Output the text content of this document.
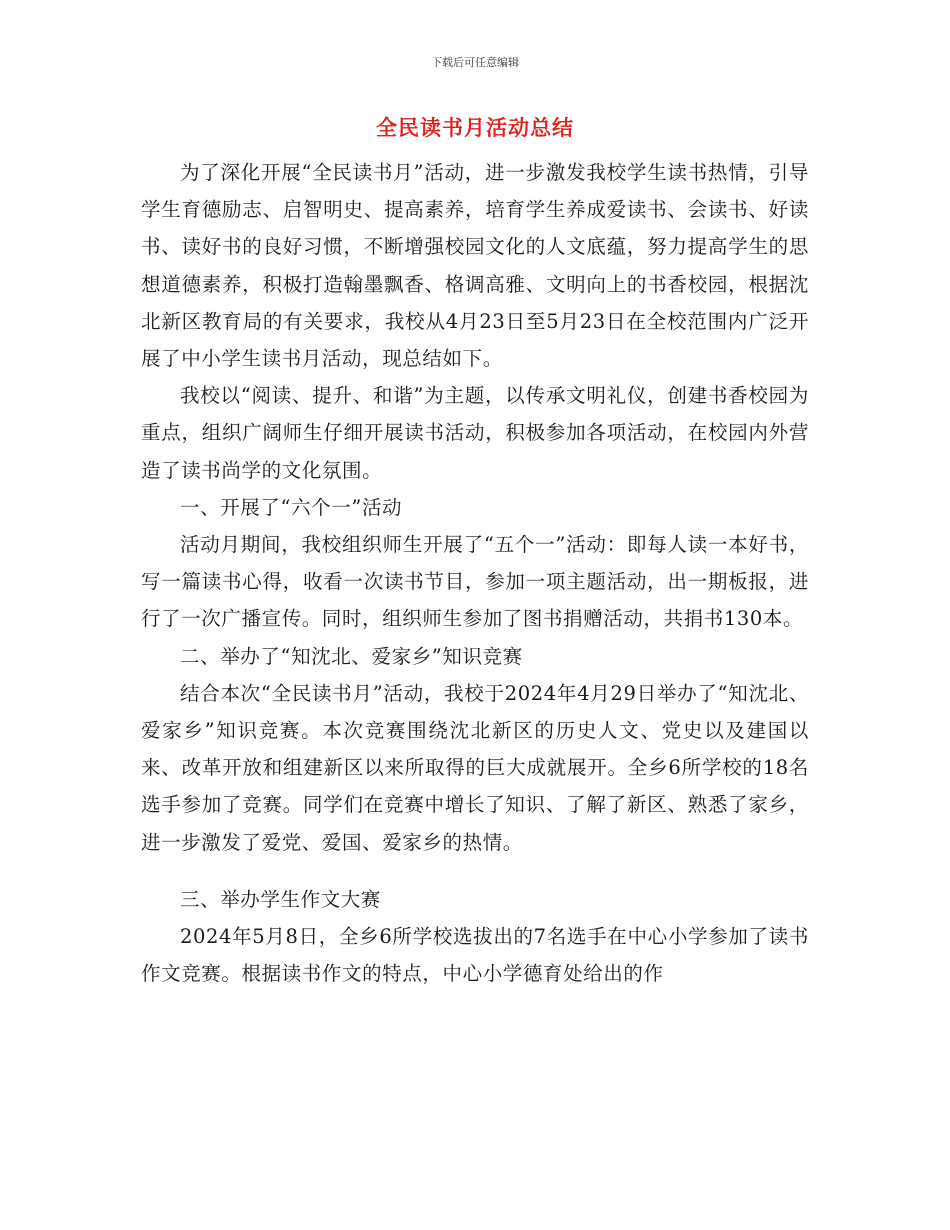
下载后可任意编辑
全民读书月活动总结

为了深化开展“全民读书月”活动，进一步激发我校学生读书热情，引导学生育德励志、启智明史、提高素养，培育学生养成爱读书、会读书、好读书、读好书的良好习惯，不断增强校园文化的人文底蕴，努力提高学生的思想道德素养，积极打造翰墨飘香、格调高雅、文明向上的书香校园，根据沈北新区教育局的有关要求，我校从4月23日至5月23日在全校范围内广泛开展了中小学生读书月活动，现总结如下。

我校以“阅读、提升、和谐”为主题，以传承文明礼仪，创建书香校园为重点，组织广阔师生仔细开展读书活动，积极参加各项活动，在校园内外营造了读书尚学的文化氛围。

一、开展了“六个一”活动

活动月期间，我校组织师生开展了“五个一”活动：即每人读一本好书，写一篇读书心得，收看一次读书节目，参加一项主题活动，出一期板报，进行了一次广播宣传。同时，组织师生参加了图书捐赠活动，共捐书130本。

二、举办了“知沈北、爱家乡”知识竞赛

结合本次“全民读书月”活动，我校于2024年4月29日举办了“知沈北、爱家乡”知识竞赛。本次竞赛围绕沈北新区的历史人文、党史以及建国以来、改革开放和组建新区以来所取得的巨大成就展开。全乡6所学校的18名选手参加了竞赛。同学们在竞赛中增长了知识、了解了新区、熟悉了家乡，进一步激发了爱党、爱国、爱家乡的热情。

三、举办学生作文大赛

2024年5月8日，全乡6所学校选拔出的7名选手在中心小学参加了读书作文竞赛。根据读书作文的特点，中心小学德育处给出的作
